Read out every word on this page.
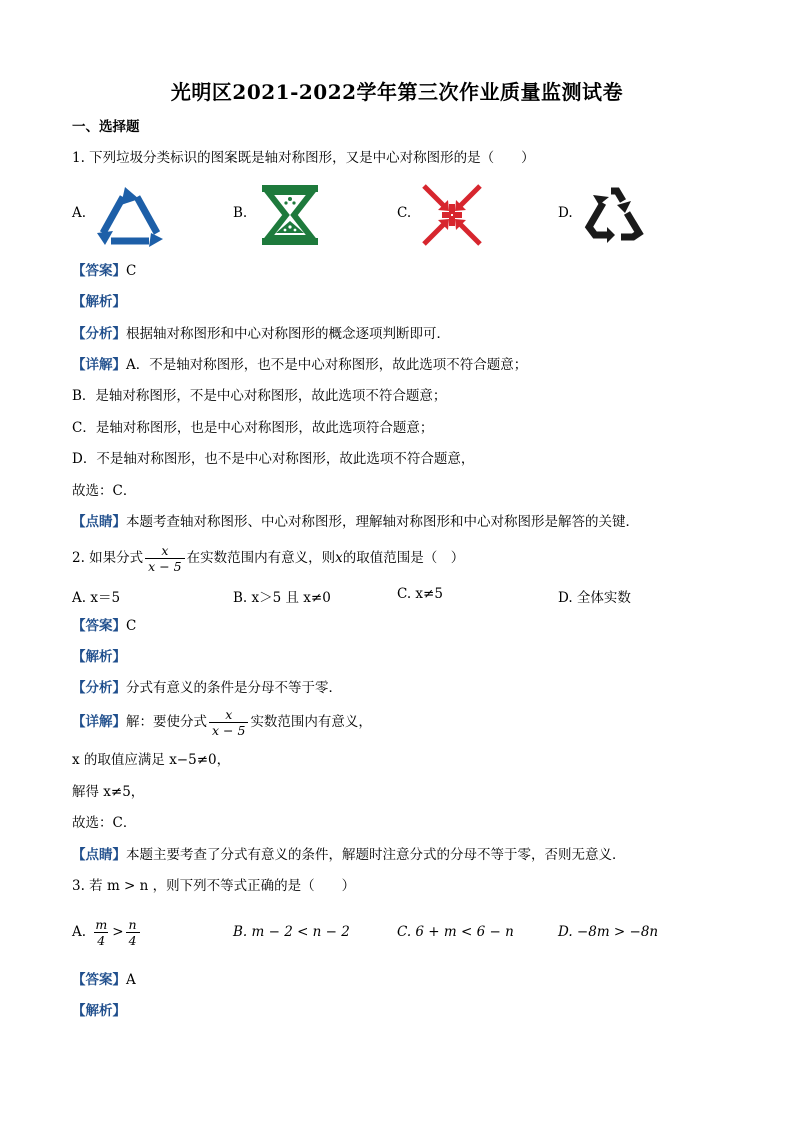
光明区2021-2022学年第三次作业质量监测试卷
一、选择题
1. 下列垃圾分类标识的图案既是轴对称图形，又是中心对称图形的是（　　）
A.	B.	C.	D.
【答案】C
【解析】
【分析】根据轴对称图形和中心对称图形的概念逐项判断即可．
【详解】A．不是轴对称图形，也不是中心对称图形，故此选项不符合题意；
B．是轴对称图形，不是中心对称图形，故此选项不符合题意；
C．是轴对称图形，也是中心对称图形，故此选项符合题意；
D．不是轴对称图形，也不是中心对称图形，故此选项不符合题意，
故选：C．
【点睛】本题考查轴对称图形、中心对称图形，理解轴对称图形和中心对称图形是解答的关键．
2. 如果分式 $\frac{x}{x - 5}$ 在实数范围内有意义，则x的取值范围是（　）
A. x＝5	B. x＞5 且 x≠0	C. x≠5	D. 全体实数
【答案】C
【解析】
【分析】分式有意义的条件是分母不等于零．
【详解】解：要使分式 $\frac{x}{x - 5}$ 实数范围内有意义，
x 的取值应满足 x−5≠0，
解得 x≠5，
故选：C．
【点睛】本题主要考查了分式有意义的条件，解题时注意分式的分母不等于零，否则无意义．
3. 若 m > n ，则下列不等式正确的是（　　）
A. $\frac{m}{4} > \frac{n}{4}$	B. m − 2 < n − 2	C. 6 + m < 6 − n	D. −8m > −8n
【答案】A
【解析】
